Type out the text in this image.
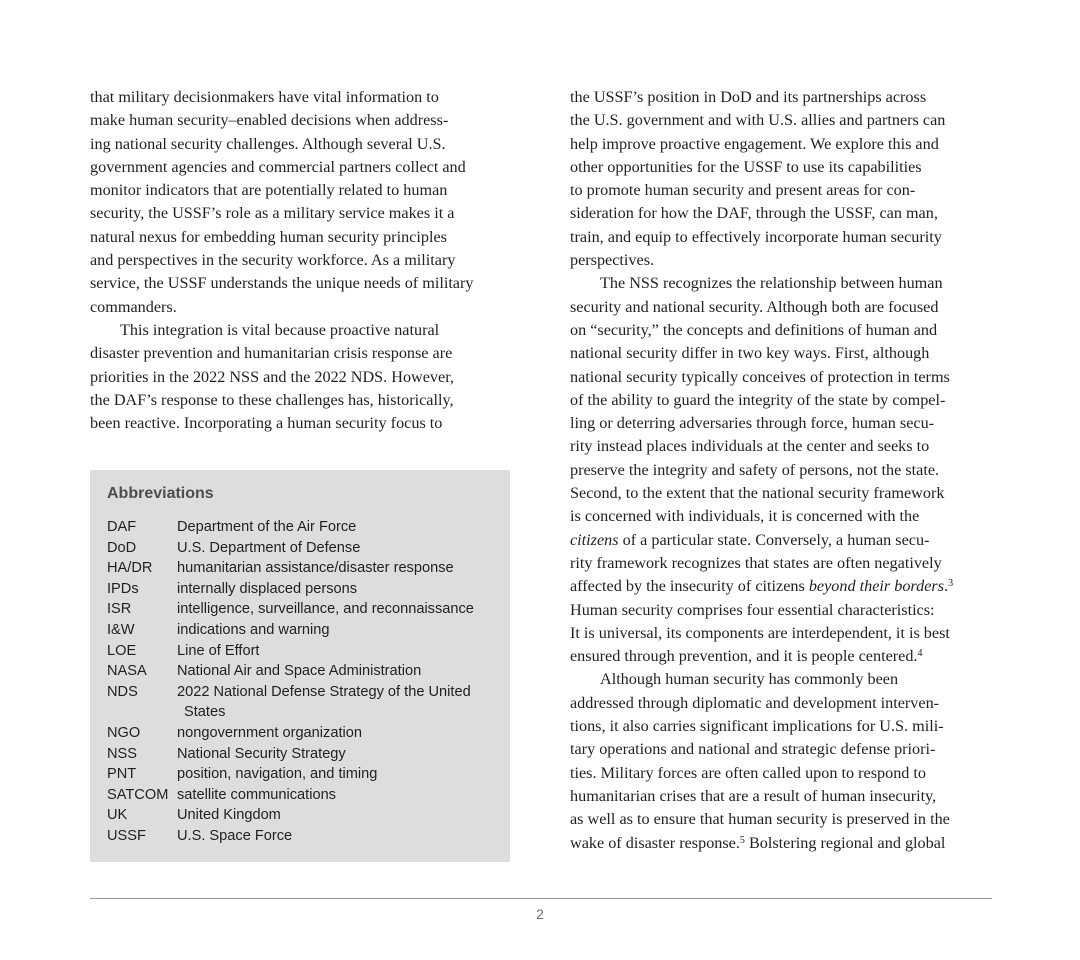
that military decisionmakers have vital information to
make human security–enabled decisions when address-
ing national security challenges. Although several U.S.
government agencies and commercial partners collect and
monitor indicators that are potentially related to human
security, the USSF’s role as a military service makes it a
natural nexus for embedding human security principles
and perspectives in the security workforce. As a military
service, the USSF understands the unique needs of military
commanders.

This integration is vital because proactive natural
disaster prevention and humanitarian crisis response are
priorities in the 2022 NSS and the 2022 NDS. However,
the DAF’s response to these challenges has, historically,
been reactive. Incorporating a human security focus to

Abbreviations
DAF	Department of the Air Force
DoD	U.S. Department of Defense
HA/DR	humanitarian assistance/disaster response
IPDs	internally displaced persons
ISR	intelligence, surveillance, and reconnaissance
I&W	indications and warning
LOE	Line of Effort
NASA	National Air and Space Administration
NDS	2022 National Defense Strategy of the United
States
NGO	nongovernment organization
NSS	National Security Strategy
PNT	position, navigation, and timing
SATCOM satellite communications
UK	United Kingdom
USSF	U.S. Space Force

the USSF’s position in DoD and its partnerships across
the U.S. government and with U.S. allies and partners can
help improve proactive engagement. We explore this and
other opportunities for the USSF to use its capabilities
to promote human security and present areas for con-
sideration for how the DAF, through the USSF, can man,
train, and equip to effectively incorporate human security
perspectives.

The NSS recognizes the relationship between human
security and national security. Although both are focused
on “security,” the concepts and definitions of human and
national security differ in two key ways. First, although
national security typically conceives of protection in terms
of the ability to guard the integrity of the state by compel-
ling or deterring adversaries through force, human secu-
rity instead places individuals at the center and seeks to
preserve the integrity and safety of persons, not the state.
Second, to the extent that the national security framework
is concerned with individuals, it is concerned with the
citizens of a particular state. Conversely, a human secu-
rity framework recognizes that states are often negatively
affected by the insecurity of citizens beyond their borders.$^3$
Human security comprises four essential characteristics:
It is universal, its components are interdependent, it is best
ensured through prevention, and it is people centered.$^4$

Although human security has commonly been
addressed through diplomatic and development interven-
tions, it also carries significant implications for U.S. mili-
tary operations and national and strategic defense priori-
ties. Military forces are often called upon to respond to
humanitarian crises that are a result of human insecurity,
as well as to ensure that human security is preserved in the
wake of disaster response.$^5$ Bolstering regional and global

2
